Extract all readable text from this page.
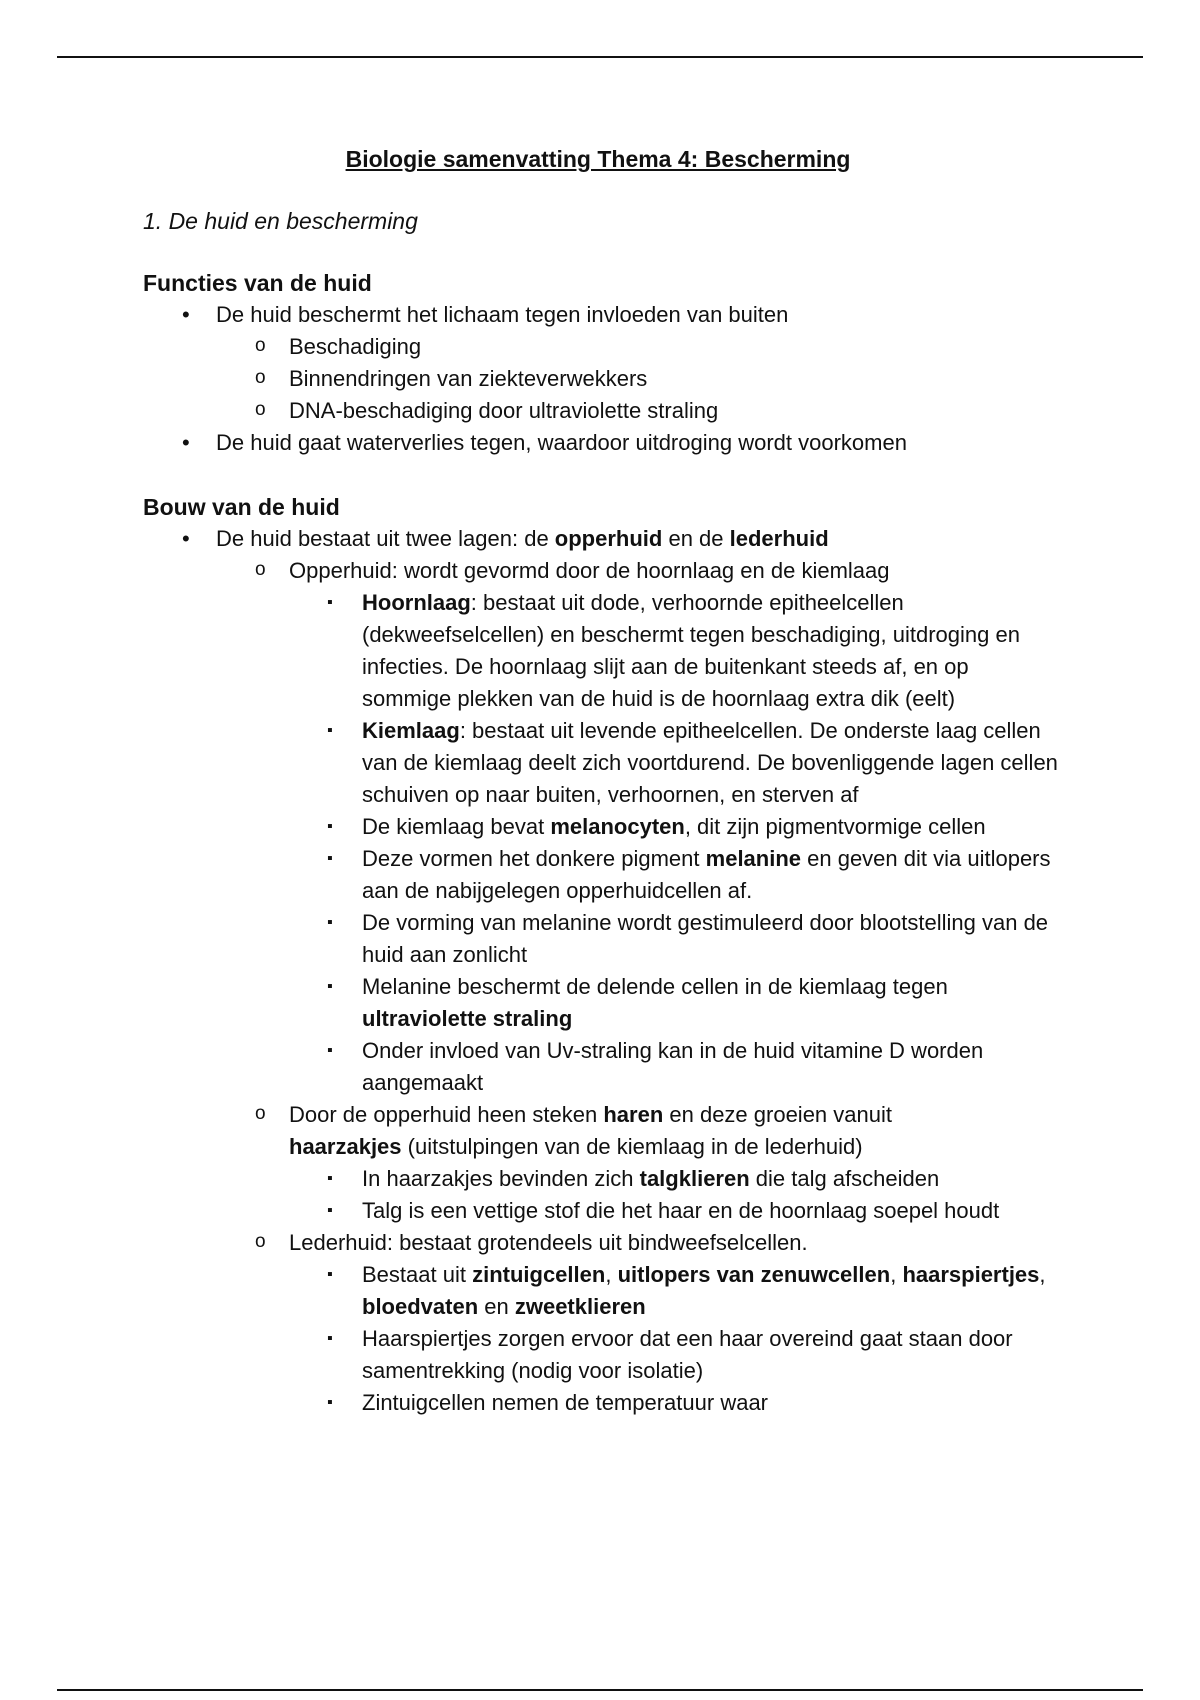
Biologie samenvatting Thema 4: Bescherming
1. De huid en bescherming
Functies van de huid
• De huid beschermt het lichaam tegen invloeden van buiten
o Beschadiging
o Binnendringen van ziekteverwekkers
o DNA-beschadiging door ultraviolette straling
• De huid gaat waterverlies tegen, waardoor uitdroging wordt voorkomen
Bouw van de huid
• De huid bestaat uit twee lagen: de opperhuid en de lederhuid
o Opperhuid: wordt gevormd door de hoornlaag en de kiemlaag
▪ Hoornlaag: bestaat uit dode, verhoornde epitheelcellen (dekweefselcellen) en beschermt tegen beschadiging, uitdroging en infecties. De hoornlaag slijt aan de buitenkant steeds af, en op sommige plekken van de huid is de hoornlaag extra dik (eelt)
▪ Kiemlaag: bestaat uit levende epitheelcellen. De onderste laag cellen van de kiemlaag deelt zich voortdurend. De bovenliggende lagen cellen schuiven op naar buiten, verhoornen, en sterven af
▪ De kiemlaag bevat melanocyten, dit zijn pigmentvormige cellen
▪ Deze vormen het donkere pigment melanine en geven dit via uitlopers aan de nabijgelegen opperhuidcellen af.
▪ De vorming van melanine wordt gestimuleerd door blootstelling van de huid aan zonlicht
▪ Melanine beschermt de delende cellen in de kiemlaag tegen ultraviolette straling
▪ Onder invloed van Uv-straling kan in de huid vitamine D worden aangemaakt
o Door de opperhuid heen steken haren en deze groeien vanuit haarzakjes (uitstulpingen van de kiemlaag in de lederhuid)
▪ In haarzakjes bevinden zich talgklieren die talg afscheiden
▪ Talg is een vettige stof die het haar en de hoornlaag soepel houdt
o Lederhuid: bestaat grotendeels uit bindweefselcellen.
▪ Bestaat uit zintuigcellen, uitlopers van zenuwcellen, haarspiertjes, bloedvaten en zweetklieren
▪ Haarspiertjes zorgen ervoor dat een haar overeind gaat staan door samentrekking (nodig voor isolatie)
▪ Zintuigcellen nemen de temperatuur waar
